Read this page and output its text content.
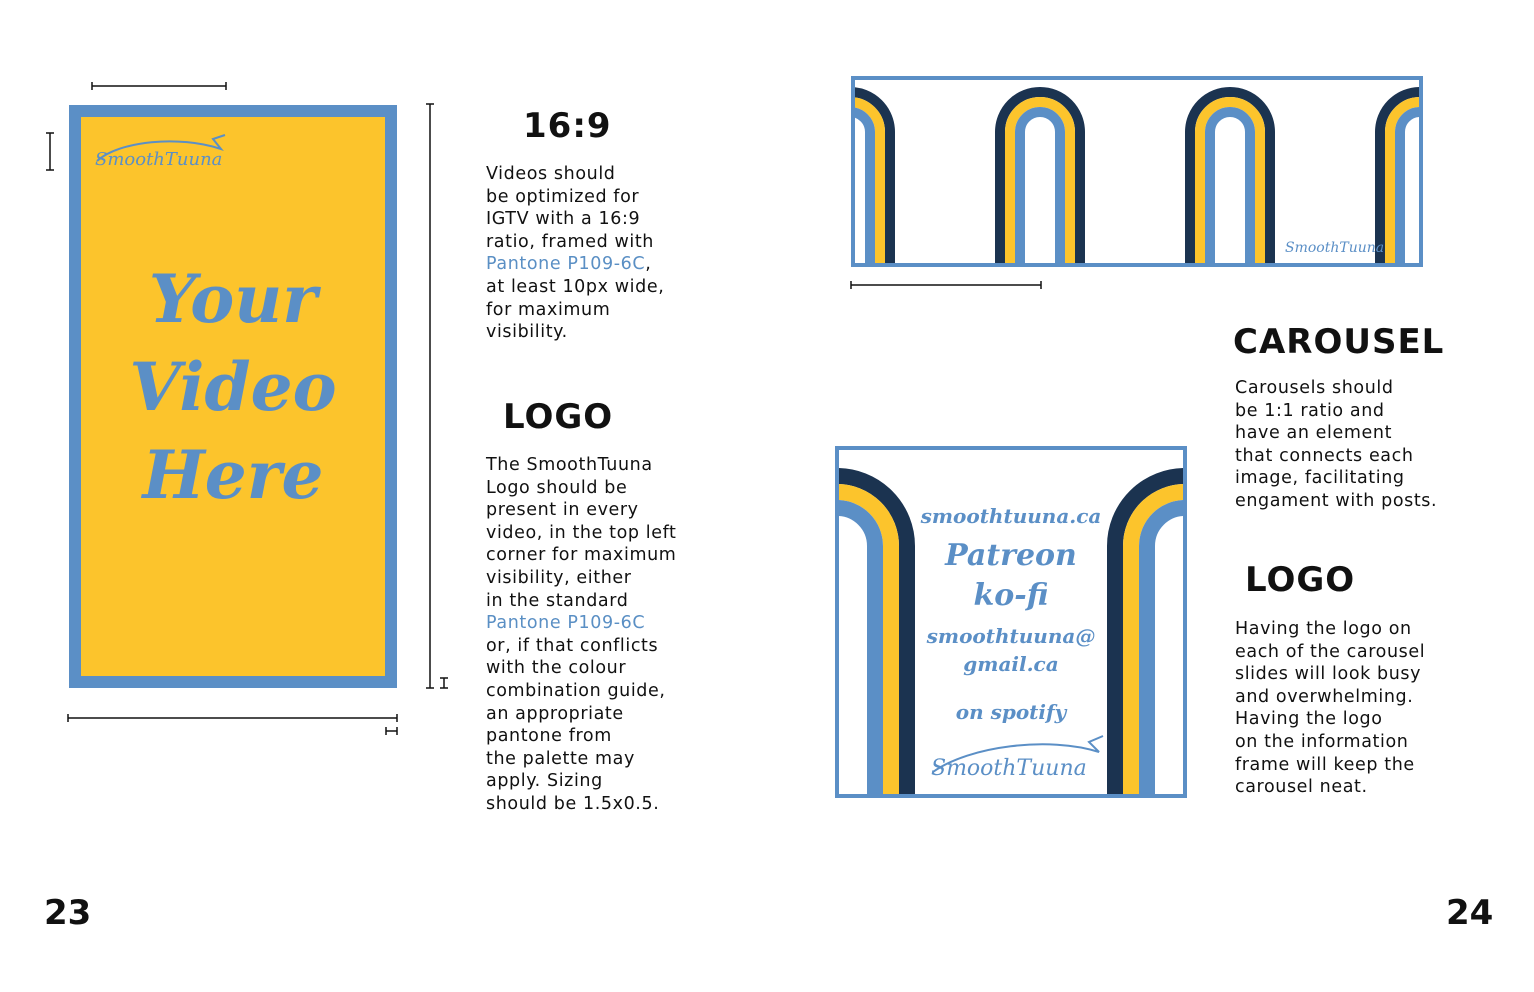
SmoothTuuna
Your
Video
Here
16:9
Videos should
be optimized for
IGTV with a 16:9
ratio, framed with
Pantone P109-6C,
at least 10px wide,
for maximum
visibility.
LOGO
The SmoothTuuna
Logo should be
present in every
video, in the top left
corner for maximum
visibility, either
in the standard
Pantone P109-6C
or, if that conflicts
with the colour
combination guide,
an appropriate
pantone from
the palette may
apply. Sizing
should be 1.5x0.5.
23
SmoothTuuna
CAROUSEL
Carousels should
be 1:1 ratio and
have an element
that connects each
image, facilitating
engament with posts.
smoothtuuna.ca
Patreon
ko-fi
smoothtuuna@
gmail.ca
on spotify
SmoothTuuna
LOGO
Having the logo on
each of the carousel
slides will look busy
and overwhelming.
Having the logo
on the information
frame will keep the
carousel neat.
24
